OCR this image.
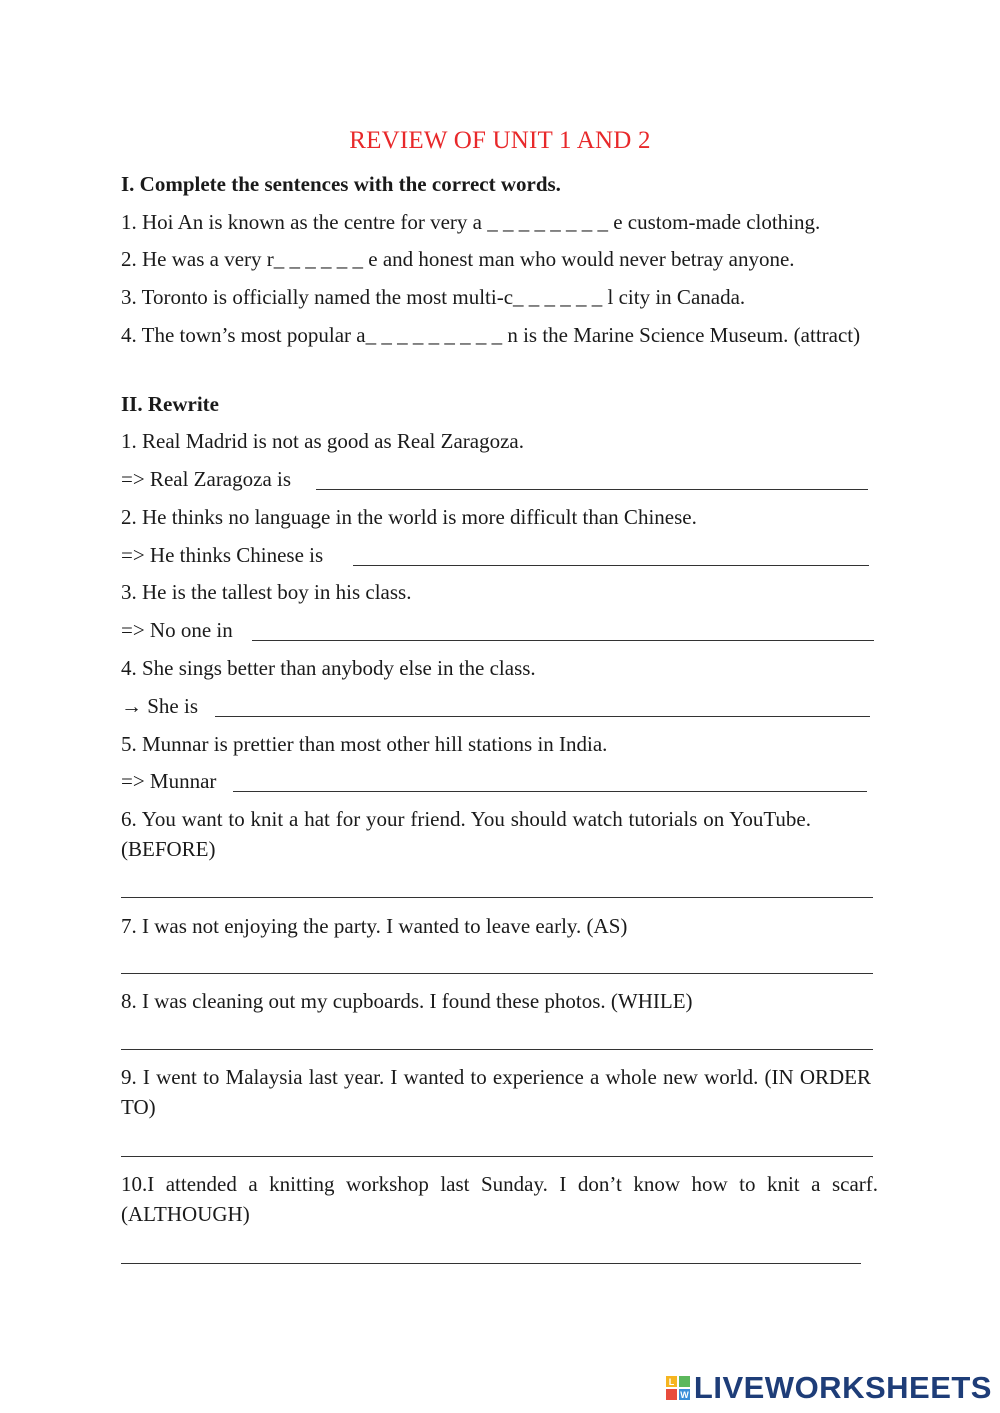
REVIEW OF UNIT 1 AND 2
I. Complete the sentences with the correct words.
1. Hoi An is known as the centre for very a _ _ _ _ _ _ _ _ e custom-made clothing.
2. He was a very r_ _ _ _ _ _ e and honest man who would never betray anyone.
3. Toronto is officially named the most multi-c_ _ _ _ _ _ l city in Canada.
4. The town’s most popular a_ _ _ _ _ _ _ _ _ n is the Marine Science Museum. (attract)
II. Rewrite
1. Real Madrid is not as good as Real Zaragoza.
=> Real Zaragoza is
2. He thinks no language in the world is more difficult than Chinese.
=> He thinks Chinese is
3. He is the tallest boy in his class.
=> No one in
4. She sings better than anybody else in the class.
→ She is
5. Munnar is prettier than most other hill stations in India.
=> Munnar
6. You want to knit a hat for your friend. You should watch tutorials on YouTube. (BEFORE)
7. I was not enjoying the party. I wanted to leave early. (AS)
8. I was cleaning out my cupboards. I found these photos. (WHILE)
9. I went to Malaysia last year. I wanted to experience a whole new world. (IN ORDER TO)
10.I attended a knitting workshop last Sunday. I don’t know how to knit a scarf. (ALTHOUGH)
L
W LIVEWORKSHEETS
